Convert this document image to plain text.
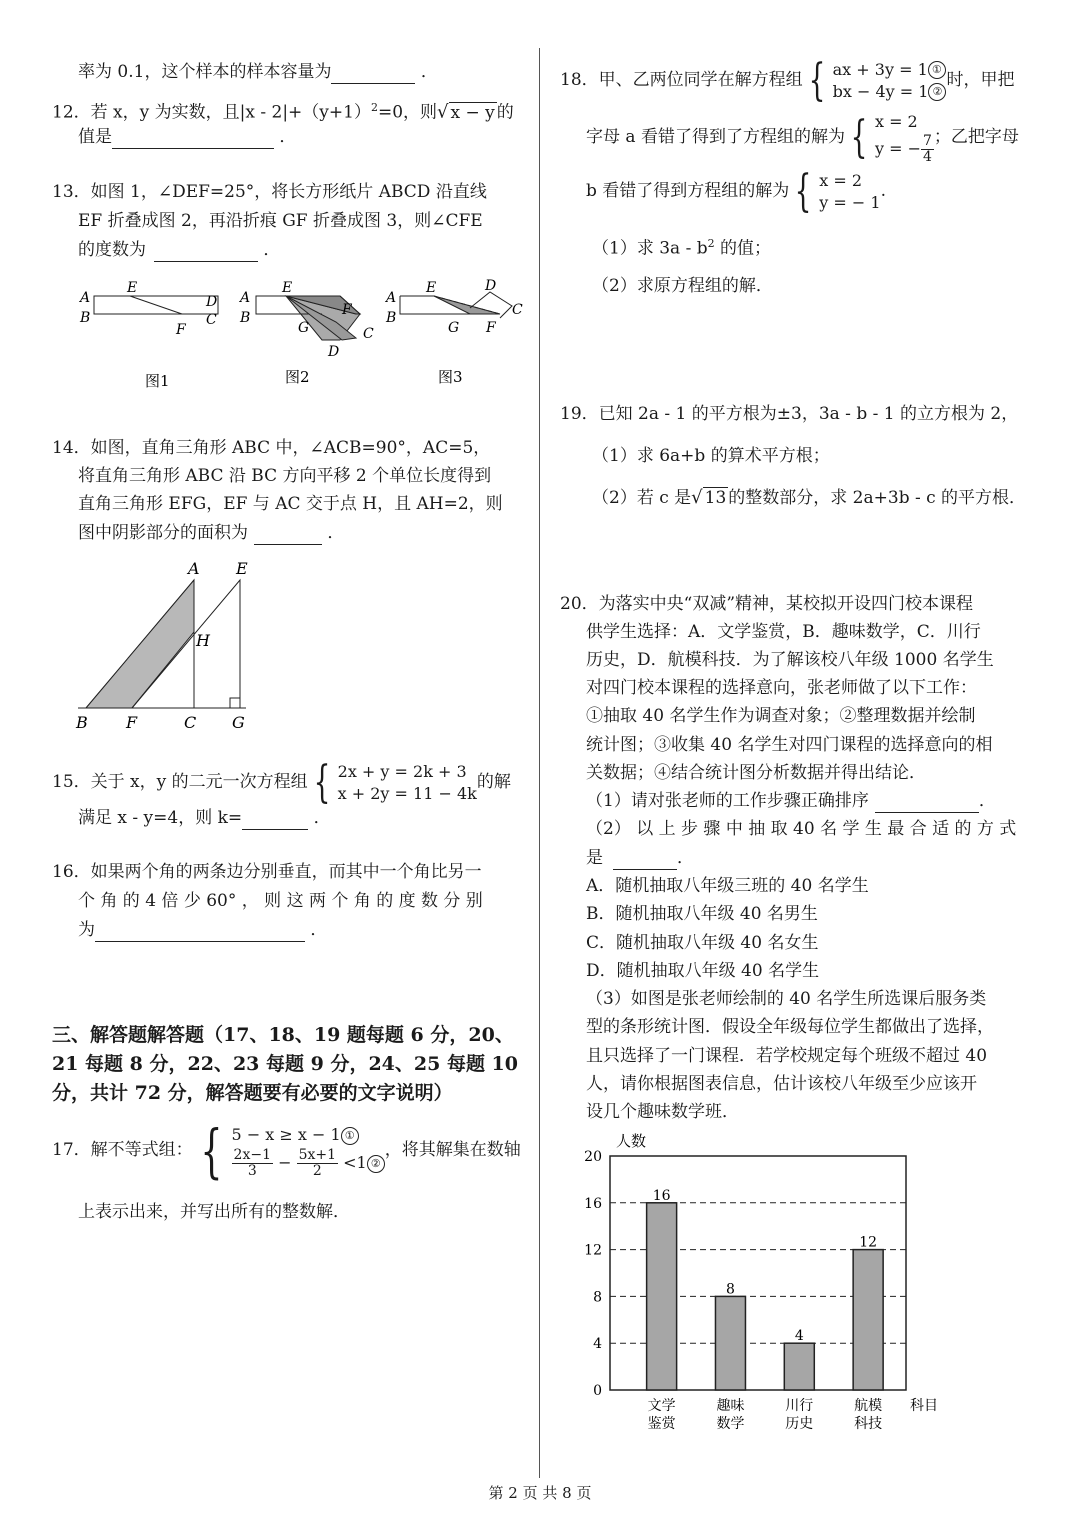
率为 0.1，这个样本的样本容量为	．
12．若 x，y 为实数，且$|x - 2|+(y+1)^2=0$，则√ x − y 的
值是	．
13．如图 1，∠DEF=25°，将长方形纸片 ABCD 沿直线
EF 折叠成图 2，再沿折痕 GF 折叠成图 3，则∠CFE
的度数为	．
A
B
E
D
C
F
图1
A
B
E
F
G	C
D
图2
A
B
E	D
C
G F
图3
14．如图，直角三角形 ABC 中，∠ACB=90°，AC=5，
将直角三角形 ABC 沿 BC 方向平移 2 个单位长度得到
直角三角形 EFG，EF 与 AC 交于点 H，且 AH=2，则
图中阴影部分的面积为	．
A E
H
B F	C G
15．关于 x，y 的二元一次方程组 { 2x + y = 2k + 3
x + 2y = 11 − 4k
的解
满足 x - y=4，则 k=	．
16．如果两个角的两条边分别垂直，而其中一个角比另一
个 角 的 4 倍 少 60° ， 则 这 两 个 角 的 度 数 分 别
为	．
三、解答题解答题（17、18、19 题每题 6 分，20、
21 每题 8 分，22、23 每题 9 分，24、25 每题 10
分，共计 72 分，解答题要有必要的文字说明）
17．解不等式组： { 5 − x ≥ x − 1 ①
$\frac{2x-1}{3} - \frac{5x+1}{2} <1$ ②
，将其解集在数轴
上表示出来，并写出所有的整数解．
18．甲、乙两位同学在解方程组 { ax + 3y = 1 ①
bx − 4y = 1 ②
时，甲把
字母 a 看错了得到了方程组的解为 { x = 2
y = − $\frac{7}{4}$ ；乙把字母
b 看错了得到方程组的解为 { x = 2
y = − 1
.
（1）求 $3a - b^2$ 的值；
（2）求原方程组的解．
19．已知 2a - 1 的平方根为±3，3a - b - 1 的立方根为 2，
（1）求 6a+b 的算术平方根；
（2）若 c 是√ 13 的整数部分，求 2a+3b - c 的平方根．
20．为落实中央“双减”精神，某校拟开设四门校本课程
供学生选择：A．文学鉴赏，B．趣味数学，C．川行
历史，D．航模科技．为了解该校八年级 1000 名学生
对四门校本课程的选择意向，张老师做了以下工作：
①抽取 40 名学生作为调查对象；②整理数据并绘制
统计图；③收集 40 名学生对四门课程的选择意向的相
关数据；④结合统计图分析数据并得出结论．
（1）请对张老师的工作步骤正确排序	．
（2） 以 上 步 骤 中 抽 取 40 名 学 生 最 合 适 的 方 式
是	．
A．随机抽取八年级三班的 40 名学生
B．随机抽取八年级 40 名男生
C．随机抽取八年级 40 名女生
D．随机抽取八年级 40 名学生
（3）如图是张老师绘制的 40 名学生所选课后服务类
型的条形统计图．假设全年级每位学生都做出了选择，
且只选择了一门课程．若学校规定每个班级不超过 40
人，请你根据图表信息，估计该校八年级至少应该开
设几个趣味数学班．
0
4
8
12
16
20
人数
16
文学
鉴赏
8
趣味
数学
4
川行
历史
12
航模
科技
科目
第 2 页 共 8 页
